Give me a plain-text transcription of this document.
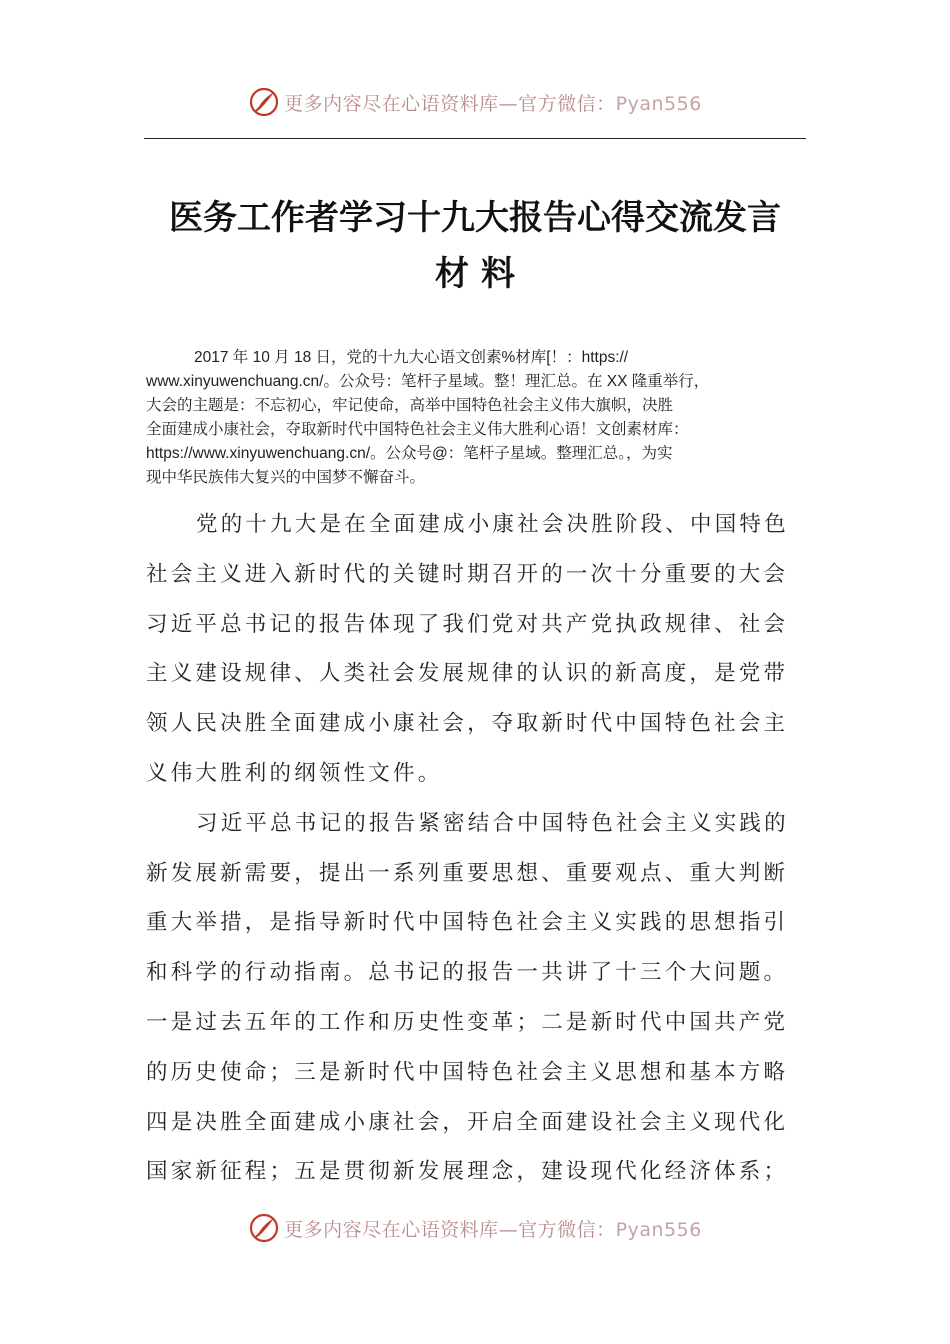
更多内容尽在心语资料库—官方微信：Pyan556
医务工作者学习十九大报告心得交流发言
材料
2017 年 10 月 18 日，党的十九大心语文创素%材库[！：https://
www.xinyuwenchuang.cn/。公众号：笔杆子星域。整！理汇总。在 XX 隆重举行，
大会的主题是：不忘初心，牢记使命，高举中国特色社会主义伟大旗帜，决胜
全面建成小康社会，夺取新时代中国特色社会主义伟大胜利心语！文创素材库：
https://www.xinyuwenchuang.cn/。公众号@：笔杆子星域。整理汇总。，为实
现中华民族伟大复兴的中国梦不懈奋斗。
党的十九大是在全面建成小康社会决胜阶段、中国特色
社会主义进入新时代的关键时期召开的一次十分重要的大会
习近平总书记的报告体现了我们党对共产党执政规律、社会
主义建设规律、人类社会发展规律的认识的新高度，是党带
领人民决胜全面建成小康社会，夺取新时代中国特色社会主
义伟大胜利的纲领性文件。
习近平总书记的报告紧密结合中国特色社会主义实践的
新发展新需要，提出一系列重要思想、重要观点、重大判断
重大举措，是指导新时代中国特色社会主义实践的思想指引
和科学的行动指南。总书记的报告一共讲了十三个大问题。
一是过去五年的工作和历史性变革；二是新时代中国共产党
的历史使命；三是新时代中国特色社会主义思想和基本方略
四是决胜全面建成小康社会，开启全面建设社会主义现代化
国家新征程；五是贯彻新发展理念，建设现代化经济体系；
更多内容尽在心语资料库—官方微信：Pyan556
